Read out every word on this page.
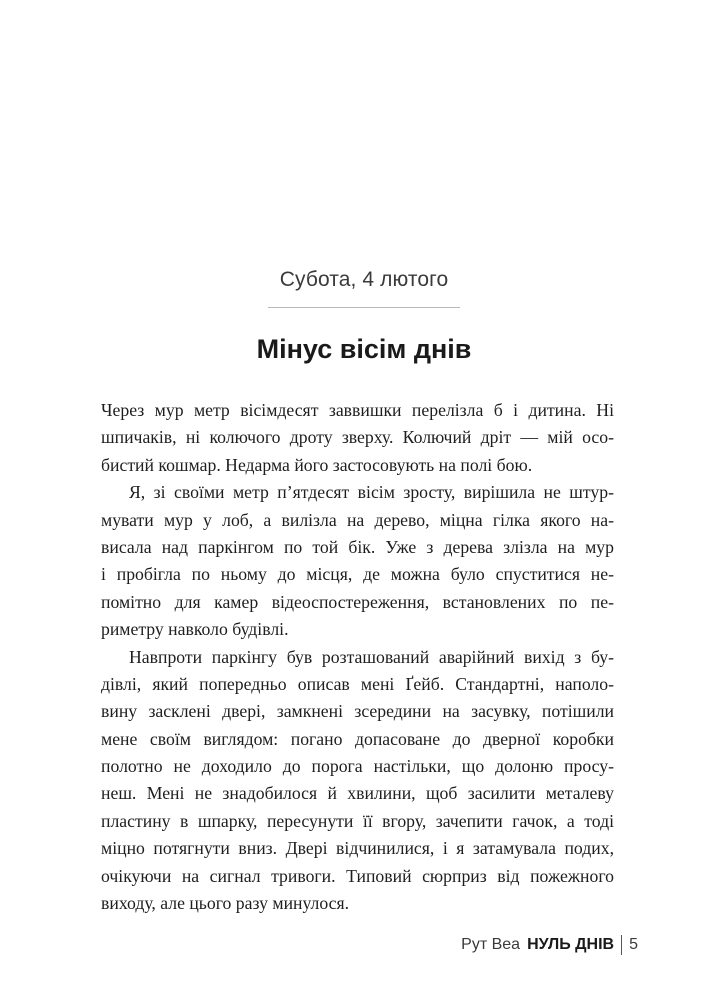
Субота, 4 лютого
Мінус вісім днів
Через мур метр вісімдесят заввишки перелізла б і дитина. Ні
шпичаків, ні колючого дроту зверху. Колючий дріт — мій осо-
бистий кошмар. Недарма його застосовують на полі бою.
Я, зі своїми метр п’ятдесят вісім зросту, вирішила не штур-
мувати мур у лоб, а вилізла на дерево, міцна гілка якого на-
висала над паркінгом по той бік. Уже з дерева злізла на мур
і пробігла по ньому до місця, де можна було спуститися не-
помітно для камер відеоспостереження, встановлених по пе-
риметру навколо будівлі.
Навпроти паркінгу був розташований аварійний вихід з бу-
дівлі, який попередньо описав мені Ґейб. Стандартні, наполо-
вину засклені двері, замкнені зсередини на засувку, потішили
мене своїм виглядом: погано допасоване до дверної коробки
полотно не доходило до порога настільки, що долоню просу-
неш. Мені не знадобилося й хвилини, щоб засилити металеву
пластину в шпарку, пересунути її вгору, зачепити гачок, а тоді
міцно потягнути вниз. Двері відчинилися, і я затамувала подих,
очікуючи на сигнал тривоги. Типовий сюрприз від пожежного
виходу, але цього разу минулося.
Рут Веа НУЛЬ ДНІВ 5
